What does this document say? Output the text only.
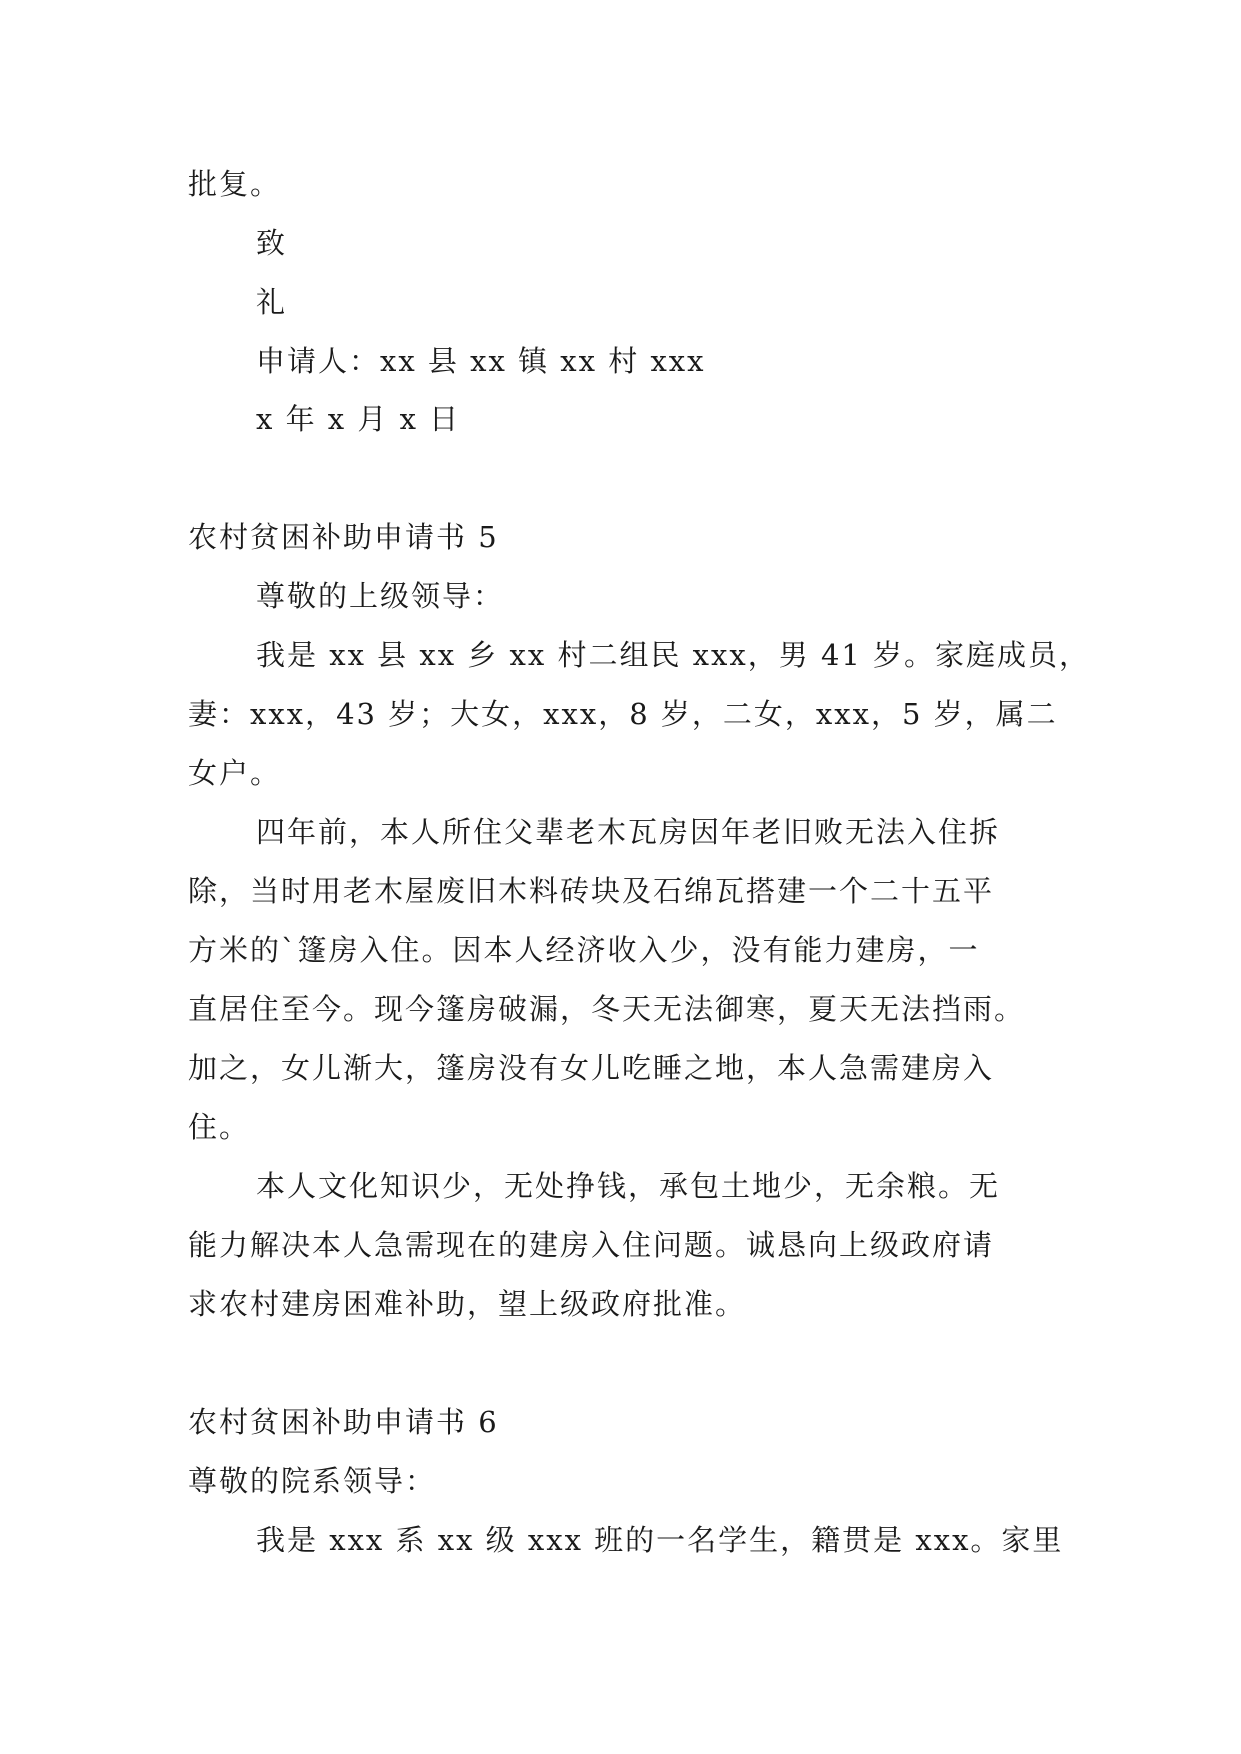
批复。
致
礼
申请人：xx 县 xx 镇 xx 村 xxx
x 年 x 月 x 日
农村贫困补助申请书 5
尊敬的上级领导：
我是 xx 县 xx 乡 xx 村二组民 xxx，男 41 岁。家庭成员，
妻：xxx，43 岁；大女，xxx，8 岁，二女，xxx，5 岁，属二
女户。
四年前，本人所住父辈老木瓦房因年老旧败无法入住拆
除，当时用老木屋废旧木料砖块及石绵瓦搭建一个二十五平
方米的`篷房入住。因本人经济收入少，没有能力建房，一
直居住至今。现今篷房破漏，冬天无法御寒，夏天无法挡雨。
加之，女儿渐大，篷房没有女儿吃睡之地，本人急需建房入
住。
本人文化知识少，无处挣钱，承包土地少，无余粮。无
能力解决本人急需现在的建房入住问题。诚恳向上级政府请
求农村建房困难补助，望上级政府批准。
农村贫困补助申请书 6
尊敬的院系领导：
我是 xxx 系 xx 级 xxx 班的一名学生，籍贯是 xxx。家里
